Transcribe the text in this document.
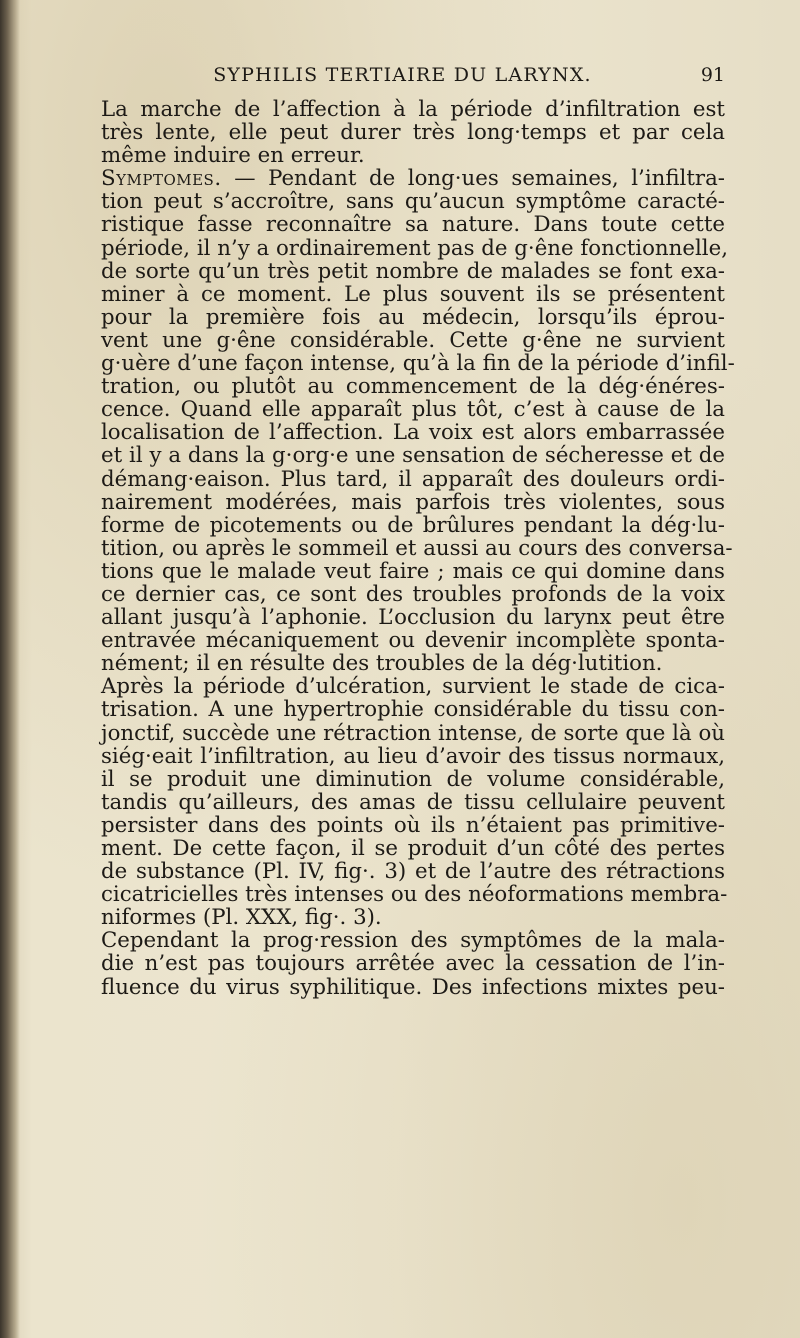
SYPHILIS TERTIAIRE DU LARYNX.	91

La marche de l’affection à la période d’infiltration est
très lente, elle peut durer très long·temps et par cela
même induire en erreur.

Symptomes. — Pendant de long·ues semaines, l’infiltra-
tion peut s’accroître, sans qu’aucun symptôme caracté-
ristique fasse reconnaître sa nature. Dans toute cette
période, il n’y a ordinairement pas de g·êne fonctionnelle,
de sorte qu’un très petit nombre de malades se font exa-
miner à ce moment. Le plus souvent ils se présentent
pour la première fois au médecin, lorsqu’ils éprou-
vent une g·êne considérable. Cette g·êne ne survient
g·uère d’une façon intense, qu’à la fin de la période d’infil-
tration, ou plutôt au commencement de la dég·énéres-
cence. Quand elle apparaît plus tôt, c’est à cause de la
localisation de l’affection. La voix est alors embarrassée
et il y a dans la g·org·e une sensation de sécheresse et de
démang·eaison. Plus tard, il apparaît des douleurs ordi-
nairement modérées, mais parfois très violentes, sous
forme de picotements ou de brûlures pendant la dég·lu-
tition, ou après le sommeil et aussi au cours des conversa-
tions que le malade veut faire ; mais ce qui domine dans
ce dernier cas, ce sont des troubles profonds de la voix
allant jusqu’à l’aphonie. L’occlusion du larynx peut être
entravée mécaniquement ou devenir incomplète sponta-
nément; il en résulte des troubles de la dég·lutition.

Après la période d’ulcération, survient le stade de cica-
trisation. A une hypertrophie considérable du tissu con-
jonctif, succède une rétraction intense, de sorte que là où
siég·eait l’infiltration, au lieu d’avoir des tissus normaux,
il se produit une diminution de volume considérable,
tandis qu’ailleurs, des amas de tissu cellulaire peuvent
persister dans des points où ils n’étaient pas primitive-
ment. De cette façon, il se produit d’un côté des pertes
de substance (Pl. IV, fig·. 3) et de l’autre des rétractions
cicatricielles très intenses ou des néoformations membra-
niformes (Pl. XXX, fig·. 3).

Cependant la prog·ression des symptômes de la mala-
die n’est pas toujours arrêtée avec la cessation de l’in-
fluence du virus syphilitique. Des infections mixtes peu-
